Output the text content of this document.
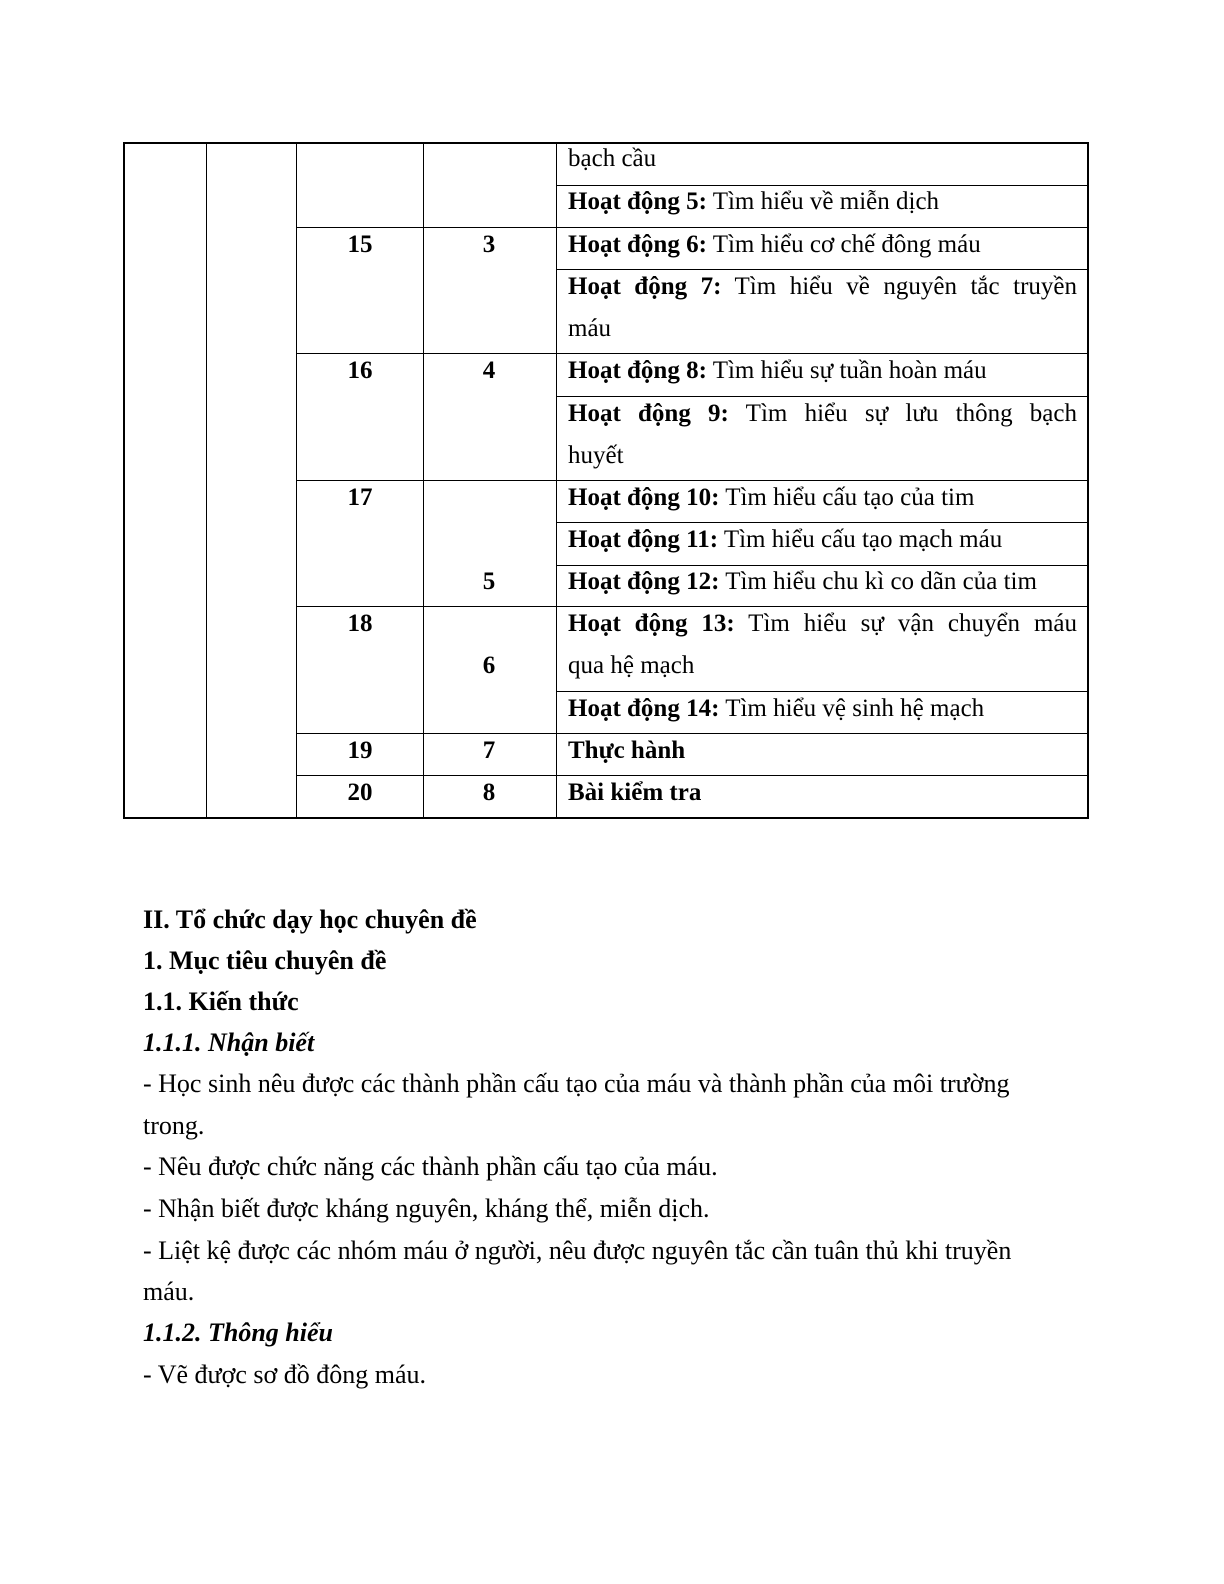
15
16
17
18
19
20
3
4
5
6
7
8
bạch cầu
Hoạt động 5: Tìm hiểu về miễn dịch
Hoạt động 6: Tìm hiểu cơ chế đông máu
Hoạt động 7: Tìm hiểu về nguyên tắc truyền
máu
Hoạt động 8: Tìm hiểu sự tuần hoàn máu
Hoạt động 9: Tìm hiểu sự lưu thông bạch
huyết
Hoạt động 10: Tìm hiểu cấu tạo của tim
Hoạt động 11: Tìm hiểu cấu tạo mạch máu
Hoạt động 12: Tìm hiểu chu kì co dãn của tim
Hoạt động 13: Tìm hiểu sự vận chuyển máu
qua hệ mạch
Hoạt động 14: Tìm hiểu vệ sinh hệ mạch
Thực hành
Bài kiểm tra
II. Tổ chức dạy học chuyên đề
1. Mục tiêu chuyên đề
1.1. Kiến thức
1.1.1. Nhận biết
- Học sinh nêu được các thành phần cấu tạo của máu và thành phần của môi trường
trong.
- Nêu được chức năng các thành phần cấu tạo của máu.
- Nhận biết được kháng nguyên, kháng thể, miễn dịch.
- Liệt kệ được các nhóm máu ở người, nêu được nguyên tắc cần tuân thủ khi truyền
máu.
1.1.2. Thông hiểu
- Vẽ được sơ đồ đông máu.
